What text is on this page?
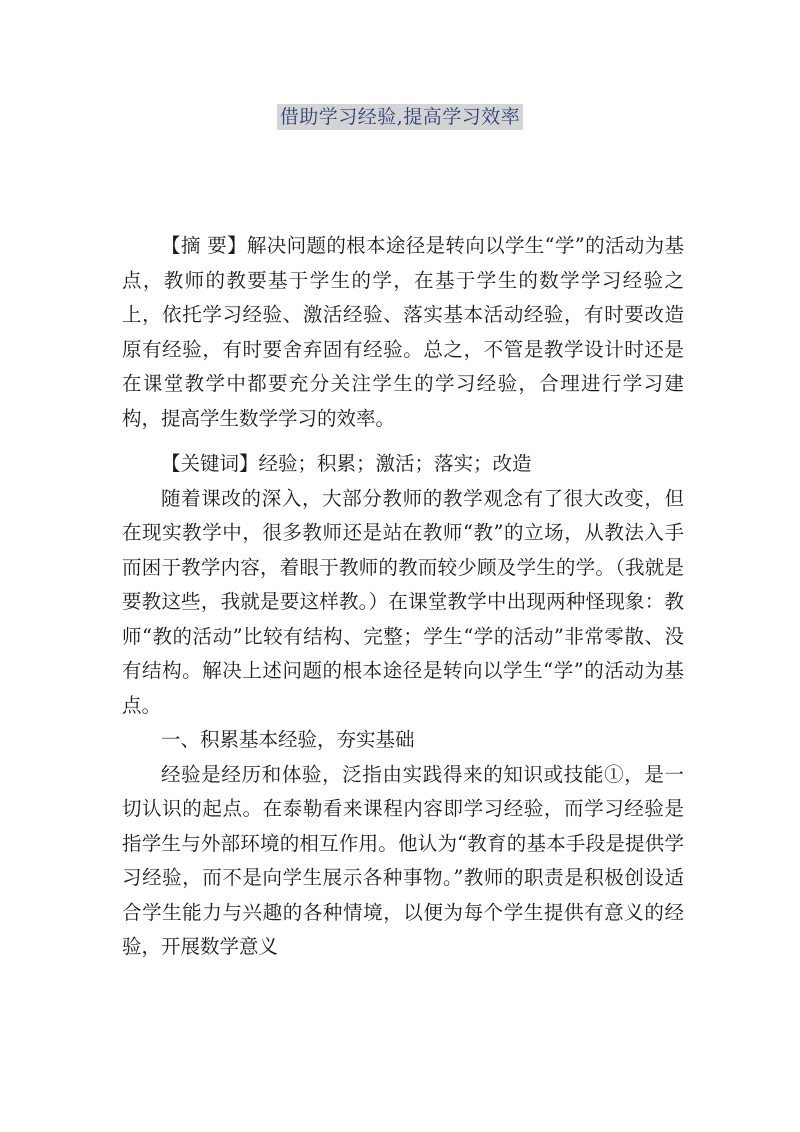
借助学习经验,提高学习效率

【摘 要】解决问题的根本途径是转向以学生“学”的活动为基点，教师的教要基于学生的学，在基于学生的数学学习经验之上，依托学习经验、激活经验、落实基本活动经验，有时要改造原有经验，有时要舍弃固有经验。总之，不管是教学设计时还是在课堂教学中都要充分关注学生的学习经验，合理进行学习建构，提高学生数学学习的效率。

【关键词】经验；积累；激活；落实；改造

随着课改的深入，大部分教师的教学观念有了很大改变，但在现实教学中，很多教师还是站在教师“教”的立场，从教法入手而困于教学内容，着眼于教师的教而较少顾及学生的学。（我就是要教这些，我就是要这样教。）在课堂教学中出现两种怪现象：教师“教的活动”比较有结构、完整；学生“学的活动”非常零散、没有结构。解决上述问题的根本途径是转向以学生“学”的活动为基点。

一、积累基本经验，夯实基础

经验是经历和体验，泛指由实践得来的知识或技能①，是一切认识的起点。在泰勒看来课程内容即学习经验，而学习经验是指学生与外部环境的相互作用。他认为“教育的基本手段是提供学习经验，而不是向学生展示各种事物。”教师的职责是积极创设适合学生能力与兴趣的各种情境，以便为每个学生提供有意义的经验，开展数学意义
